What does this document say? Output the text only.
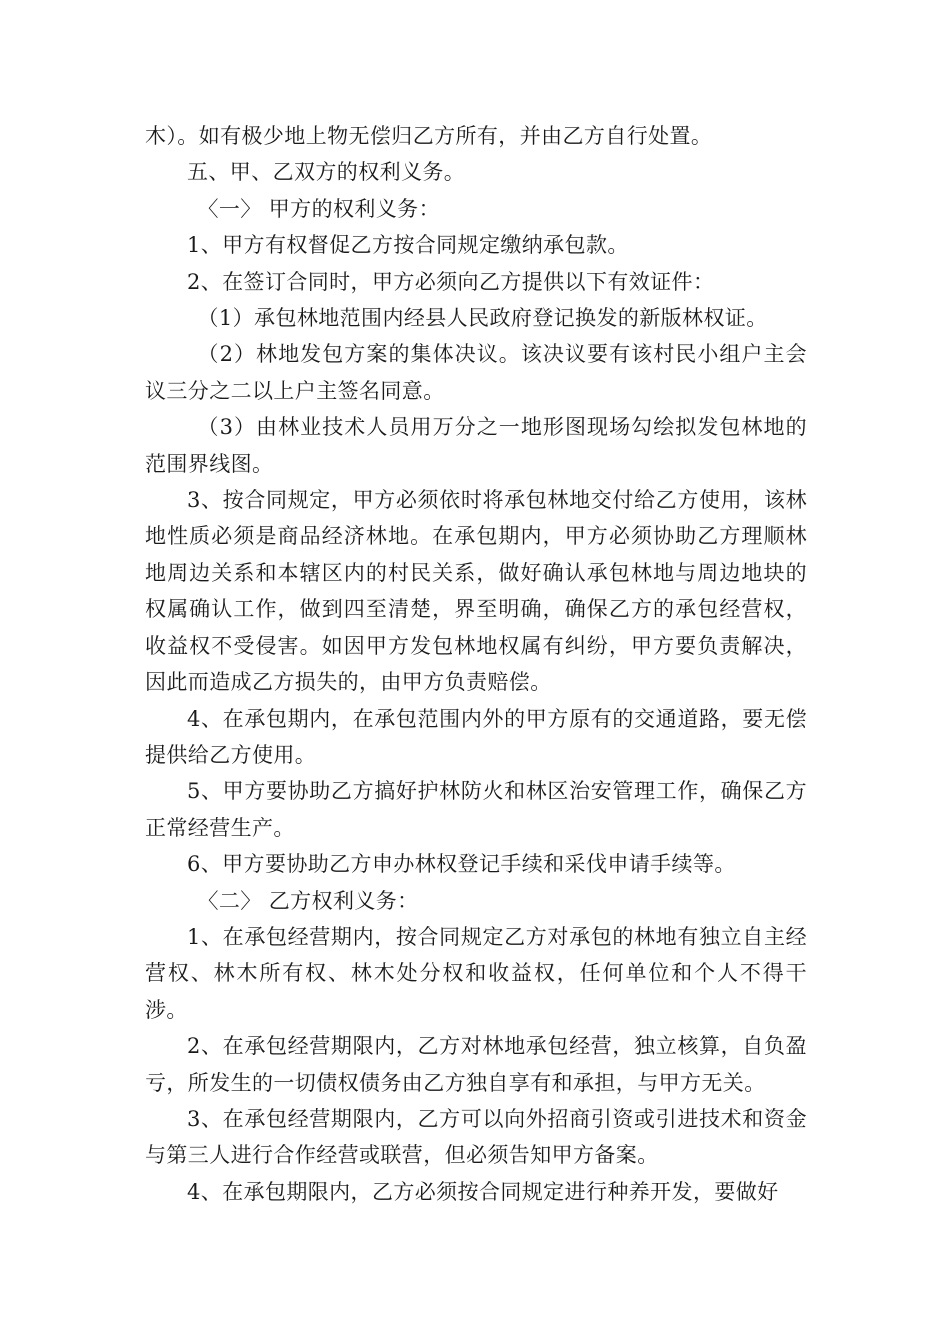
木）。如有极少地上物无偿归乙方所有，并由乙方自行处置。

五、甲、乙双方的权利义务。

〈一〉 甲方的权利义务：

1、甲方有权督促乙方按合同规定缴纳承包款。

2、在签订合同时，甲方必须向乙方提供以下有效证件：

（1）承包林地范围内经县人民政府登记换发的新版林权证。

（2）林地发包方案的集体决议。该决议要有该村民小组户主会议三分之二以上户主签名同意。

（3）由林业技术人员用万分之一地形图现场勾绘拟发包林地的范围界线图。

3、按合同规定，甲方必须依时将承包林地交付给乙方使用，该林地性质必须是商品经济林地。在承包期内，甲方必须协助乙方理顺林地周边关系和本辖区内的村民关系，做好确认承包林地与周边地块的权属确认工作，做到四至清楚，界至明确，确保乙方的承包经营权，收益权不受侵害。如因甲方发包林地权属有纠纷，甲方要负责解决，因此而造成乙方损失的，由甲方负责赔偿。

4、在承包期内，在承包范围内外的甲方原有的交通道路，要无偿提供给乙方使用。

5、甲方要协助乙方搞好护林防火和林区治安管理工作，确保乙方正常经营生产。

6、甲方要协助乙方申办林权登记手续和采伐申请手续等。

〈二〉 乙方权利义务：

1、在承包经营期内，按合同规定乙方对承包的林地有独立自主经营权、林木所有权、林木处分权和收益权，任何单位和个人不得干涉。

2、在承包经营期限内，乙方对林地承包经营，独立核算，自负盈亏，所发生的一切债权债务由乙方独自享有和承担，与甲方无关。

3、在承包经营期限内，乙方可以向外招商引资或引进技术和资金与第三人进行合作经营或联营，但必须告知甲方备案。

4、在承包期限内，乙方必须按合同规定进行种养开发，要做好
